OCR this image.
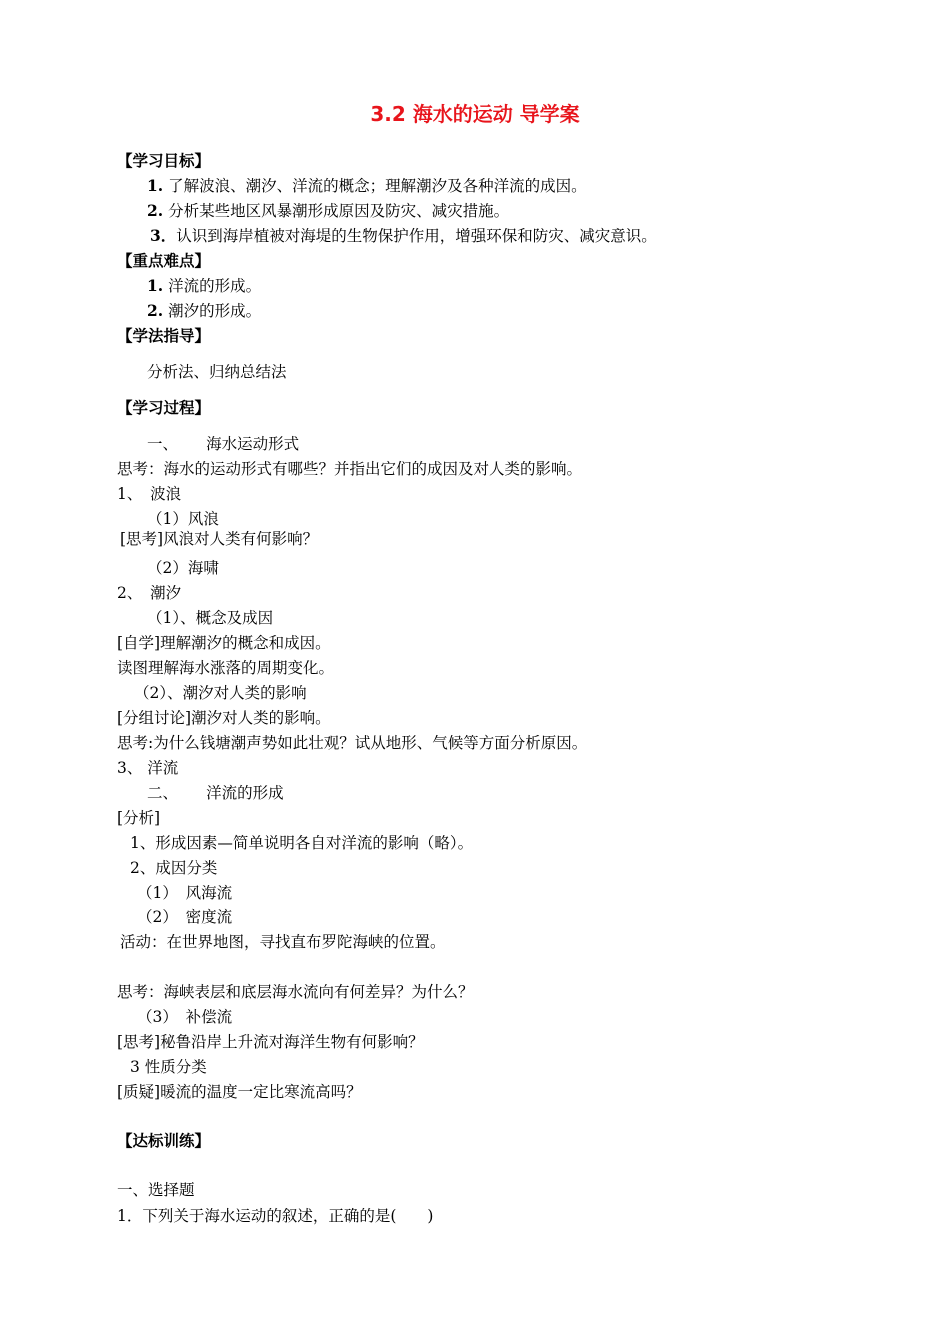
3.2 海水的运动 导学案
【学习目标】
1. 了解波浪、潮汐、洋流的概念；理解潮汐及各种洋流的成因。
2. 分析某些地区风暴潮形成原因及防灾、减灾措施。
3．认识到海岸植被对海堤的生物保护作用，增强环保和防灾、减灾意识。
【重点难点】
1. 洋流的形成。
2. 潮汐的形成。
【学法指导】
分析法、归纳总结法
【学习过程】
一、　　 海水运动形式
思考：海水的运动形式有哪些？并指出它们的成因及对人类的影响。
1、　波浪
（1）风浪
[思考]风浪对人类有何影响？
（2）海啸
2、　潮汐
（1）、概念及成因
[自学]理解潮汐的概念和成因。
读图理解海水涨落的周期变化。
（2）、潮汐对人类的影响
[分组讨论]潮汐对人类的影响。
思考:为什么钱塘潮声势如此壮观？试从地形、气候等方面分析原因。
3、 洋流
二、　　 洋流的形成
[分析]
1、形成因素—简单说明各自对洋流的影响（略）。
2、成因分类
（1）　风海流
（2）　密度流
活动：在世界地图，寻找直布罗陀海峡的位置。
思考：海峡表层和底层海水流向有何差异？为什么？
（3）　补偿流
[思考]秘鲁沿岸上升流对海洋生物有何影响？
3 性质分类
[质疑]暖流的温度一定比寒流高吗？
【达标训练】
一、选择题
1．下列关于海水运动的叙述，正确的是(　　)
